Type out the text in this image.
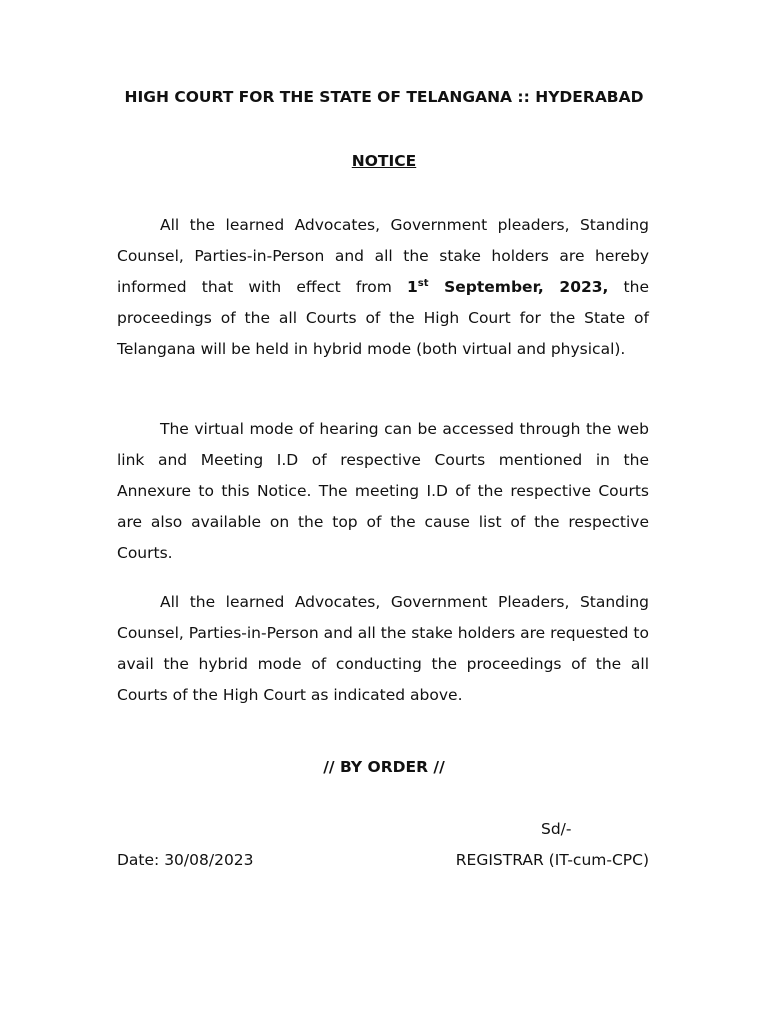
HIGH COURT FOR THE STATE OF TELANGANA :: HYDERABAD
NOTICE

All the learned Advocates, Government pleaders, Standing Counsel, Parties-in-Person and all the stake holders are hereby informed that with effect from 1st September, 2023, the proceedings of the all Courts of the High Court for the State of Telangana will be held in hybrid mode (both virtual and physical).

The virtual mode of hearing can be accessed through the web link and Meeting I.D of respective Courts mentioned in the Annexure to this Notice. The meeting I.D of the respective Courts are also available on the top of the cause list of the respective Courts.

All the learned Advocates, Government Pleaders, Standing Counsel, Parties-in-Person and all the stake holders are requested to avail the hybrid mode of conducting the proceedings of the all Courts of the High Court as indicated above.

// BY ORDER //
Sd/-
Date: 30/08/2023	REGISTRAR (IT-cum-CPC)
